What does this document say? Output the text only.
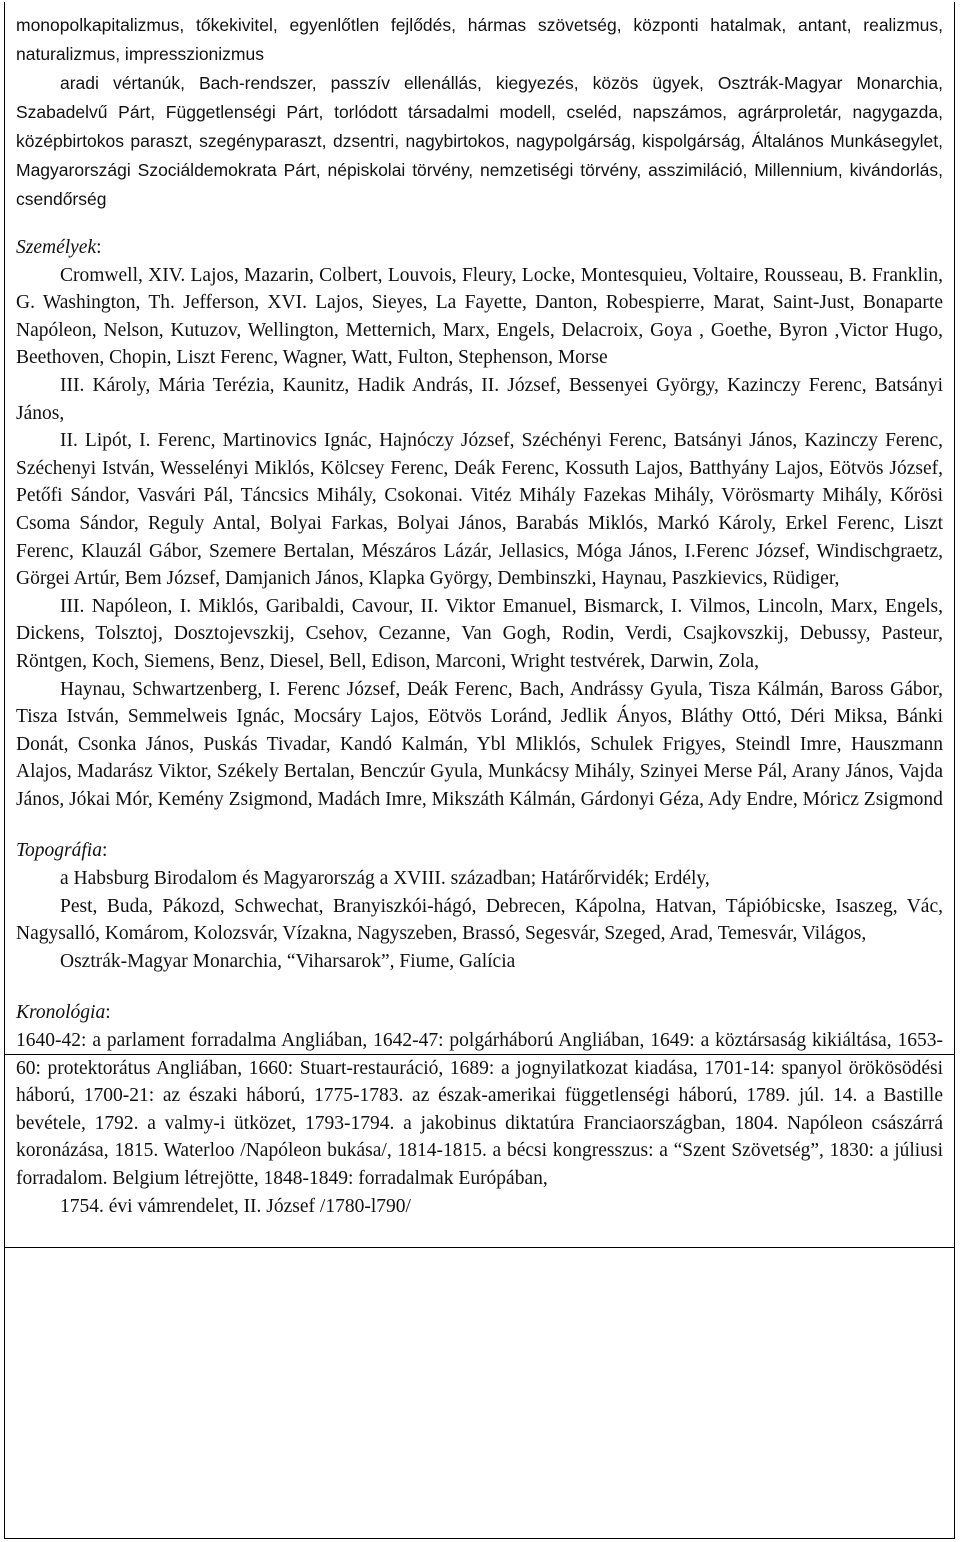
monopolkapitalizmus, tőkekivitel, egyenlőtlen fejlődés, hármas szövetség, központi hatalmak, antant, realizmus, naturalizmus, impresszionizmus

aradi vértanúk, Bach-rendszer, passzív ellenállás, kiegyezés, közös ügyek, Osztrák-Magyar Monarchia, Szabadelvű Párt, Függetlenségi Párt, torlódott társadalmi modell, cseléd, napszámos, agrárproletár, nagygazda, középbirtokos paraszt, szegényparaszt, dzsentri, nagybirtokos, nagypolgárság, kispolgárság, Általános Munkásegylet, Magyarországi Szociáldemokrata Párt, népiskolai törvény, nemzetiségi törvény, asszimiláció, Millennium, kivándorlás, csendőrség

Személyek:

Cromwell, XIV. Lajos, Mazarin, Colbert, Louvois, Fleury, Locke, Montesquieu, Voltaire, Rousseau, B. Franklin, G. Washington, Th. Jefferson, XVI. Lajos, Sieyes, La Fayette, Danton, Robespierre, Marat, Saint-Just, Bonaparte Napóleon, Nelson, Kutuzov, Wellington, Metternich, Marx, Engels, Delacroix, Goya , Goethe, Byron ,Victor Hugo, Beethoven, Chopin, Liszt Ferenc, Wagner, Watt, Fulton, Stephenson, Morse

III. Károly, Mária Terézia, Kaunitz, Hadik András, II. József, Bessenyei György, Kazinczy Ferenc, Batsányi János,

II. Lipót, I. Ferenc, Martinovics Ignác, Hajnóczy József, Széchényi Ferenc, Batsányi János, Kazinczy Ferenc, Széchenyi István, Wesselényi Miklós, Kölcsey Ferenc, Deák Ferenc, Kossuth Lajos, Batthyány Lajos, Eötvös József, Petőfi Sándor, Vasvári Pál, Táncsics Mihály, Csokonai. Vitéz Mihály Fazekas Mihály, Vörösmarty Mihály, Kőrösi Csoma Sándor, Reguly Antal, Bolyai Farkas, Bolyai János, Barabás Miklós, Markó Károly, Erkel Ferenc, Liszt Ferenc, Klauzál Gábor, Szemere Bertalan, Mészáros Lázár, Jellasics, Móga János, I.Ferenc József, Windischgraetz, Görgei Artúr, Bem József, Damjanich János, Klapka György, Dembinszki, Haynau, Paszkievics, Rüdiger,

III. Napóleon, I. Miklós, Garibaldi, Cavour, II. Viktor Emanuel, Bismarck, I. Vilmos, Lincoln, Marx, Engels, Dickens, Tolsztoj, Dosztojevszkij, Csehov, Cezanne, Van Gogh, Rodin, Verdi, Csajkovszkij, Debussy, Pasteur, Röntgen, Koch, Siemens, Benz, Diesel, Bell, Edison, Marconi, Wright testvérek, Darwin, Zola,

Haynau, Schwartzenberg, I. Ferenc József, Deák Ferenc, Bach, Andrássy Gyula, Tisza Kálmán, Baross Gábor, Tisza István, Semmelweis Ignác, Mocsáry Lajos, Eötvös Loránd, Jedlik Ányos, Bláthy Ottó, Déri Miksa, Bánki Donát, Csonka János, Puskás Tivadar, Kandó Kalmán, Ybl Mliklós, Schulek Frigyes, Steindl Imre, Hauszmann Alajos, Madarász Viktor, Székely Bertalan, Benczúr Gyula, Munkácsy Mihály, Szinyei Merse Pál, Arany János, Vajda János, Jókai Mór, Kemény Zsigmond, Madách Imre, Mikszáth Kálmán, Gárdonyi Géza, Ady Endre, Móricz Zsigmond

Topográfia:

a Habsburg Birodalom és Magyarország a XVIII. században; Határőrvidék; Erdély,

Pest, Buda, Pákozd, Schwechat, Branyiszkói-hágó, Debrecen, Kápolna, Hatvan, Tápióbicske, Isaszeg, Vác, Nagysalló, Komárom, Kolozsvár, Vízakna, Nagyszeben, Brassó, Segesvár, Szeged, Arad, Temesvár, Világos,

Osztrák-Magyar Monarchia, “Viharsarok”, Fiume, Galícia

Kronológia:

1640-42: a parlament forradalma Angliában, 1642-47: polgárháború Angliában, 1649: a köztársaság kikiáltása, 1653-60: protektorátus Angliában, 1660: Stuart-restauráció, 1689: a jognyilatkozat kiadása, 1701-14: spanyol örökösödési háború, 1700-21: az északi háború, 1775-1783. az észak-amerikai függetlenségi háború, 1789. júl. 14. a Bastille bevétele, 1792. a valmy-i ütközet, 1793-1794. a jakobinus diktatúra Franciaországban, 1804. Napóleon császárrá koronázása, 1815. Waterloo /Napóleon bukása/, 1814-1815. a bécsi kongresszus: a “Szent Szövetség”, 1830: a júliusi forradalom. Belgium létrejötte, 1848-1849: forradalmak Európában,

1754. évi vámrendelet, II. József /1780-l790/
